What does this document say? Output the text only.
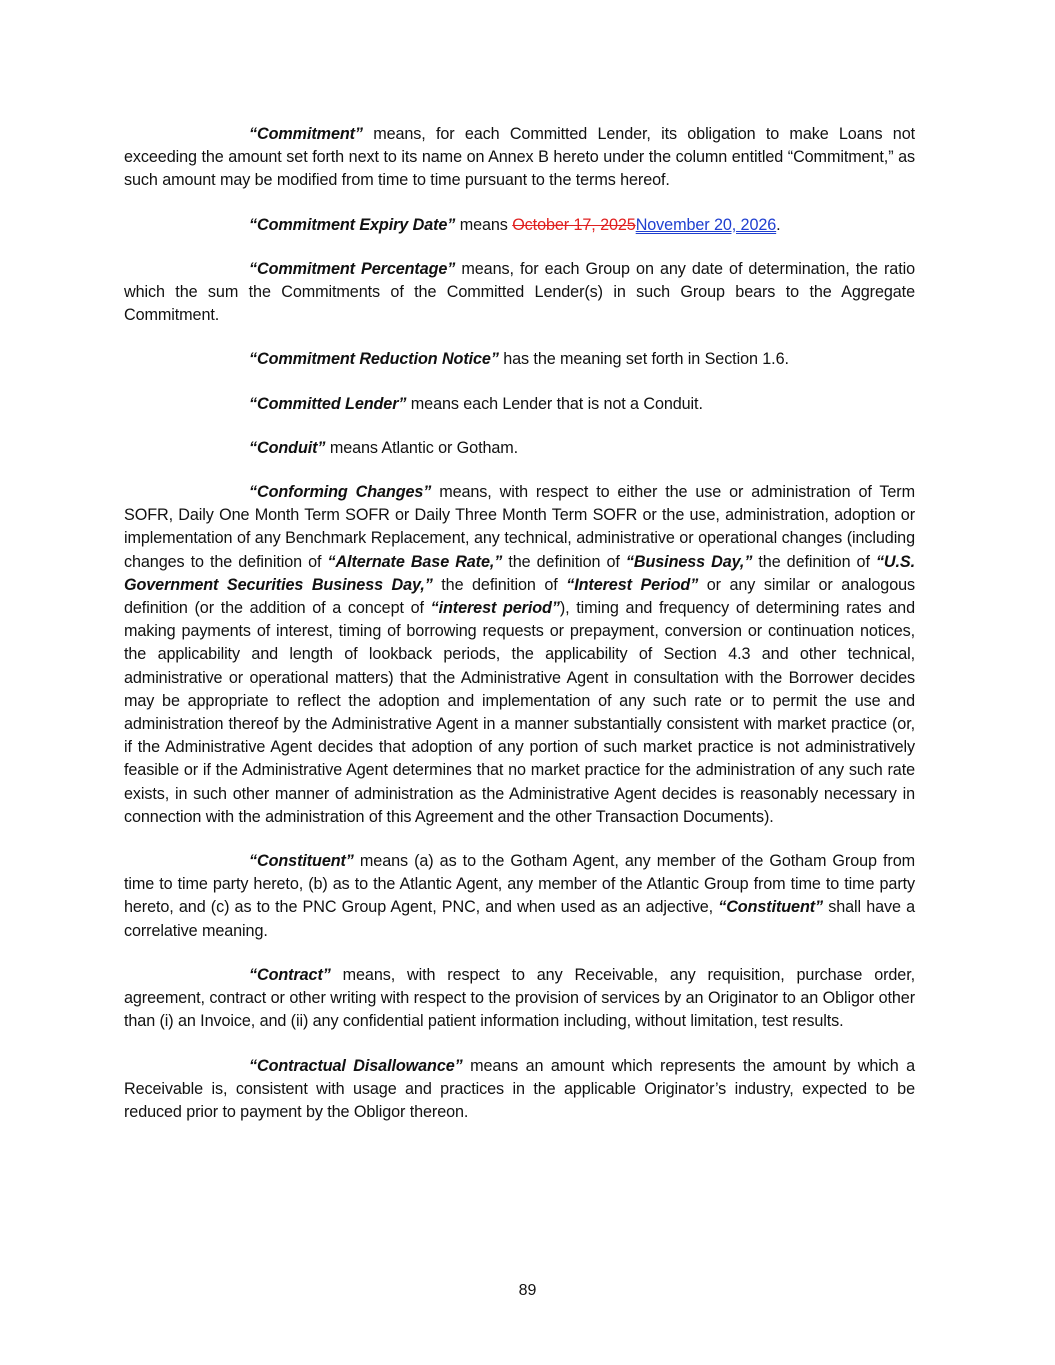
“Commitment” means, for each Committed Lender, its obligation to make Loans not exceeding the amount set forth next to its name on Annex B hereto under the column entitled “Commitment,” as such amount may be modified from time to time pursuant to the terms hereof.

“Commitment Expiry Date” means October 17, 2025November 20, 2026.

“Commitment Percentage” means, for each Group on any date of determination, the ratio which the sum the Commitments of the Committed Lender(s) in such Group bears to the Aggregate Commitment.

“Commitment Reduction Notice” has the meaning set forth in Section 1.6.

“Committed Lender” means each Lender that is not a Conduit.

“Conduit” means Atlantic or Gotham.

“Conforming Changes” means, with respect to either the use or administration of Term SOFR, Daily One Month Term SOFR or Daily Three Month Term SOFR or the use, administration, adoption or implementation of any Benchmark Replacement, any technical, administrative or operational changes (including changes to the definition of “Alternate Base Rate,” the definition of “Business Day,” the definition of “U.S. Government Securities Business Day,” the definition of “Interest Period” or any similar or analogous definition (or the addition of a concept of “interest period”), timing and frequency of determining rates and making payments of interest, timing of borrowing requests or prepayment, conversion or continuation notices, the applicability and length of lookback periods, the applicability of Section 4.3 and other technical, administrative or operational matters) that the Administrative Agent in consultation with the Borrower decides may be appropriate to reflect the adoption and implementation of any such rate or to permit the use and administration thereof by the Administrative Agent in a manner substantially consistent with market practice (or, if the Administrative Agent decides that adoption of any portion of such market practice is not administratively feasible or if the Administrative Agent determines that no market practice for the administration of any such rate exists, in such other manner of administration as the Administrative Agent decides is reasonably necessary in connection with the administration of this Agreement and the other Transaction Documents).

“Constituent” means (a) as to the Gotham Agent, any member of the Gotham Group from time to time party hereto, (b) as to the Atlantic Agent, any member of the Atlantic Group from time to time party hereto, and (c) as to the PNC Group Agent, PNC, and when used as an adjective, “Constituent” shall have a correlative meaning.

“Contract” means, with respect to any Receivable, any requisition, purchase order, agreement, contract or other writing with respect to the provision of services by an Originator to an Obligor other than (i) an Invoice, and (ii) any confidential patient information including, without limitation, test results.

“Contractual Disallowance” means an amount which represents the amount by which a Receivable is, consistent with usage and practices in the applicable Originator’s industry, expected to be reduced prior to payment by the Obligor thereon.

89
